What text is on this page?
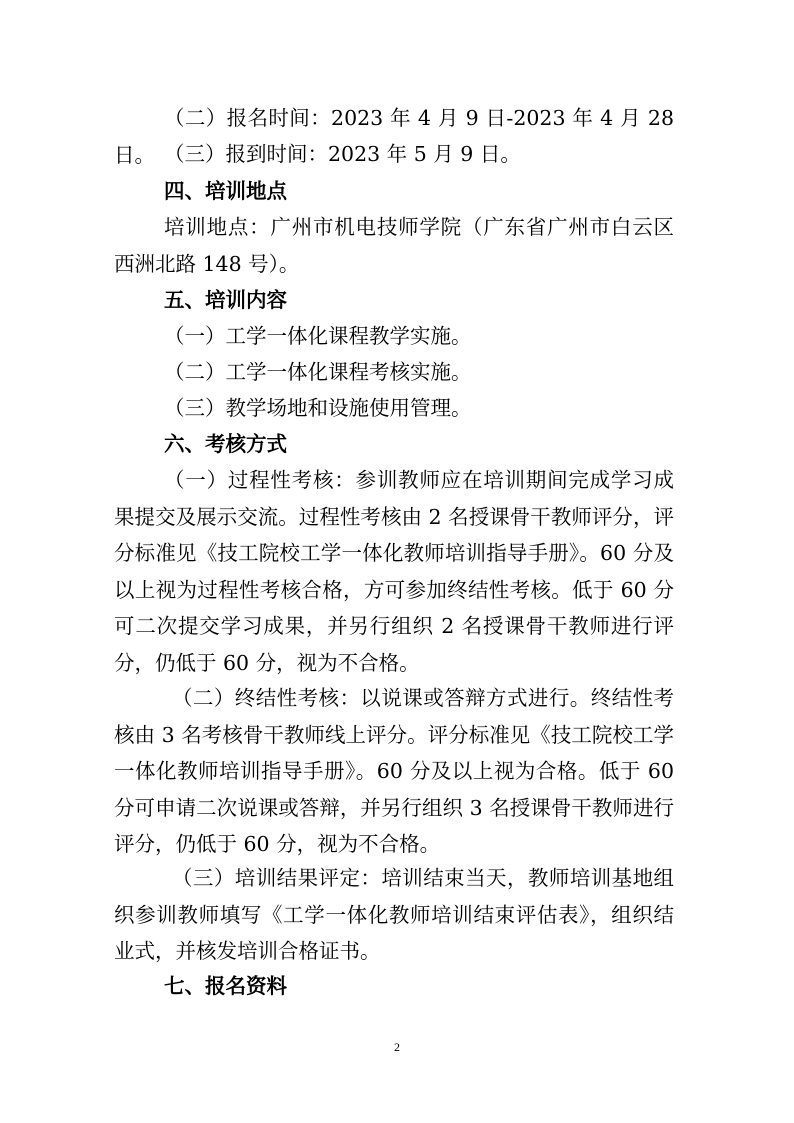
（二）报名时间：2023 年 4 月 9 日-2023 年 4 月 28 日。 （三）报到时间：2023 年 5 月 9 日。
四、培训地点
培训地点：广州市机电技师学院（广东省广州市白云区西洲北路 148 号）。
五、培训内容
（一）工学一体化课程教学实施。
（二）工学一体化课程考核实施。
（三）教学场地和设施使用管理。
六、考核方式
（一）过程性考核：参训教师应在培训期间完成学习成果提交及展示交流。过程性考核由 2 名授课骨干教师评分，评分标准见《技工院校工学一体化教师培训指导手册》。60 分及以上视为过程性考核合格，方可参加终结性考核。低于 60 分可二次提交学习成果，并另行组织 2 名授课骨干教师进行评分，仍低于 60 分，视为不合格。
（二）终结性考核：以说课或答辩方式进行。终结性考核由 3 名考核骨干教师线上评分。评分标准见《技工院校工学一体化教师培训指导手册》。60 分及以上视为合格。低于 60 分可申请二次说课或答辩，并另行组织 3 名授课骨干教师进行评分，仍低于 60 分，视为不合格。
（三）培训结果评定：培训结束当天，教师培训基地组织参训教师填写《工学一体化教师培训结束评估表》，组织结业式，并核发培训合格证书。
七、报名资料
2
